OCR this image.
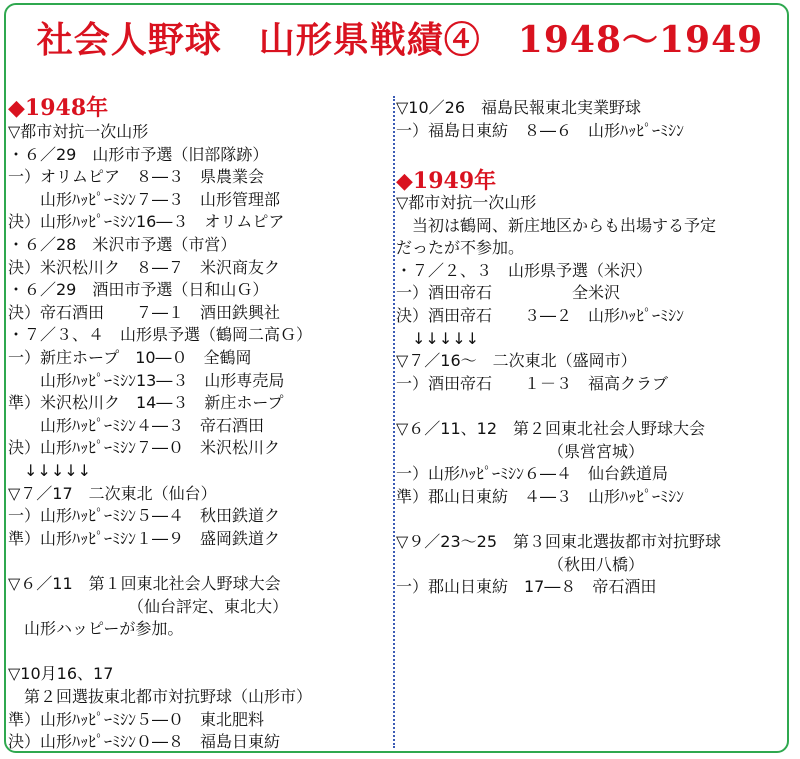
社会人野球　山形県戦績④　1948〜1949
◆1948年
▽都市対抗一次山形
・６／29　山形市予選（旧部隊跡）
一）オリムピア　８―３　県農業会
　　山形ﾊｯﾋﾟｰﾐｼﾝ７―３　山形管理部
決）山形ﾊｯﾋﾟｰﾐｼﾝ16―３　オリムピア
・６／28　米沢市予選（市営）
決）米沢松川ク　８―７　米沢商友ク
・６／29　酒田市予選（日和山Ｇ）
決）帝石酒田　　７―１　酒田鉄興社
・７／３、４　山形県予選（鶴岡二高Ｇ）
一）新庄ホープ　10―０　全鶴岡
　　山形ﾊｯﾋﾟｰﾐｼﾝ13―３　山形専売局
準）米沢松川ク　14―３　新庄ホープ
　　山形ﾊｯﾋﾟｰﾐｼﾝ４―３　帝石酒田
決）山形ﾊｯﾋﾟｰﾐｼﾝ７―０　米沢松川ク
　↓↓↓↓↓
▽７／17　二次東北（仙台）
一）山形ﾊｯﾋﾟｰﾐｼﾝ５―４　秋田鉄道ク
準）山形ﾊｯﾋﾟｰﾐｼﾝ１―９　盛岡鉄道ク
▽６／11　第１回東北社会人野球大会
　　　　　　　　（仙台評定、東北大）
　山形ハッピーが参加。
▽10月16、17
　第２回選抜東北都市対抗野球（山形市）
準）山形ﾊｯﾋﾟｰﾐｼﾝ５―０　東北肥料
決）山形ﾊｯﾋﾟｰﾐｼﾝ０―８　福島日東紡
◆1949年
▽10／26　福島民報東北実業野球
一）福島日東紡　８―６　山形ﾊｯﾋﾟｰﾐｼﾝ
▽都市対抗一次山形
　当初は鶴岡、新庄地区からも出場する予定
だったが不参加。
・７／２、３　山形県予選（米沢）
一）酒田帝石　　　　　全米沢
決）酒田帝石　　３―２　山形ﾊｯﾋﾟｰﾐｼﾝ
　↓↓↓↓↓
▽７／16〜　二次東北（盛岡市）
一）酒田帝石　　１－３　福高クラブ
▽６／11、12　第２回東北社会人野球大会
　　　　　　　　　　（県営宮城）
一）山形ﾊｯﾋﾟｰﾐｼﾝ６―４　仙台鉄道局
準）郡山日東紡　４―３　山形ﾊｯﾋﾟｰﾐｼﾝ
▽９／23〜25　第３回東北選抜都市対抗野球
　　　　　　　　　　（秋田八橋）
一）郡山日東紡　17―８　帝石酒田
